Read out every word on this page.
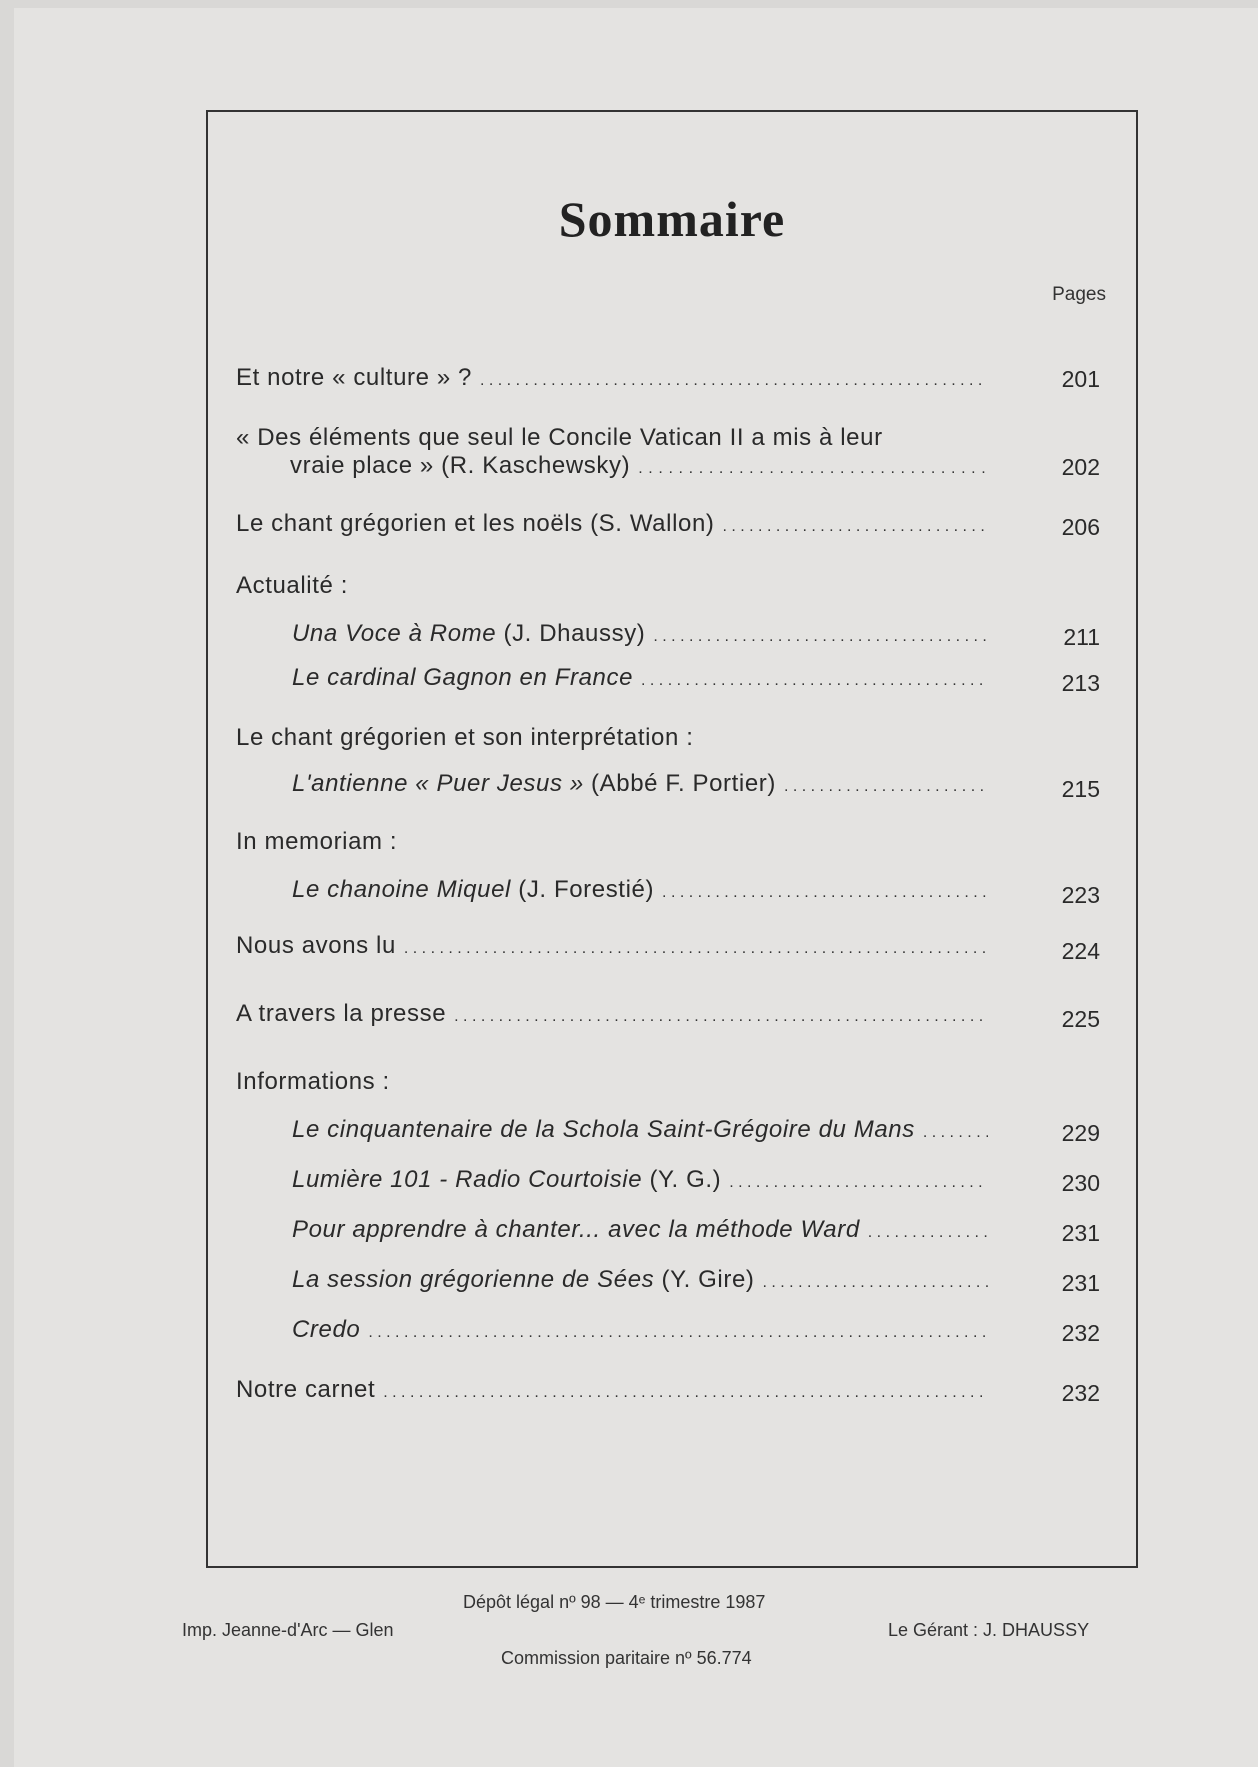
Sommaire
Pages
Et notre « culture » ? . . .	201
« Des éléments que seul le Concile Vatican II a mis à leur
vraie place » (R. Kaschewsky) . . .	202
Le chant grégorien et les noëls (S. Wallon) . . .	206
Actualité :
Una Voce à Rome (J. Dhaussy) . . .	211
Le cardinal Gagnon en France . . .	213
Le chant grégorien et son interprétation :
L'antienne « Puer Jesus » (Abbé F. Portier) . . .	215
In memoriam :
Le chanoine Miquel (J. Forestié) . . .	223
Nous avons lu . . .	224
A travers la presse . . .	225
Informations :
Le cinquantenaire de la Schola Saint-Grégoire du Mans . . .	229
Lumière 101 - Radio Courtoisie (Y. G.) . . .	230
Pour apprendre à chanter... avec la méthode Ward . . .	231
La session grégorienne de Sées (Y. Gire) . . .	231
Credo . . .	232
Notre carnet . . .	232
Dépôt légal nº 98 — 4ᵉ trimestre 1987
Imp. Jeanne-d'Arc — Glen	Le Gérant : J. DHAUSSY
Commission paritaire nº 56.774
